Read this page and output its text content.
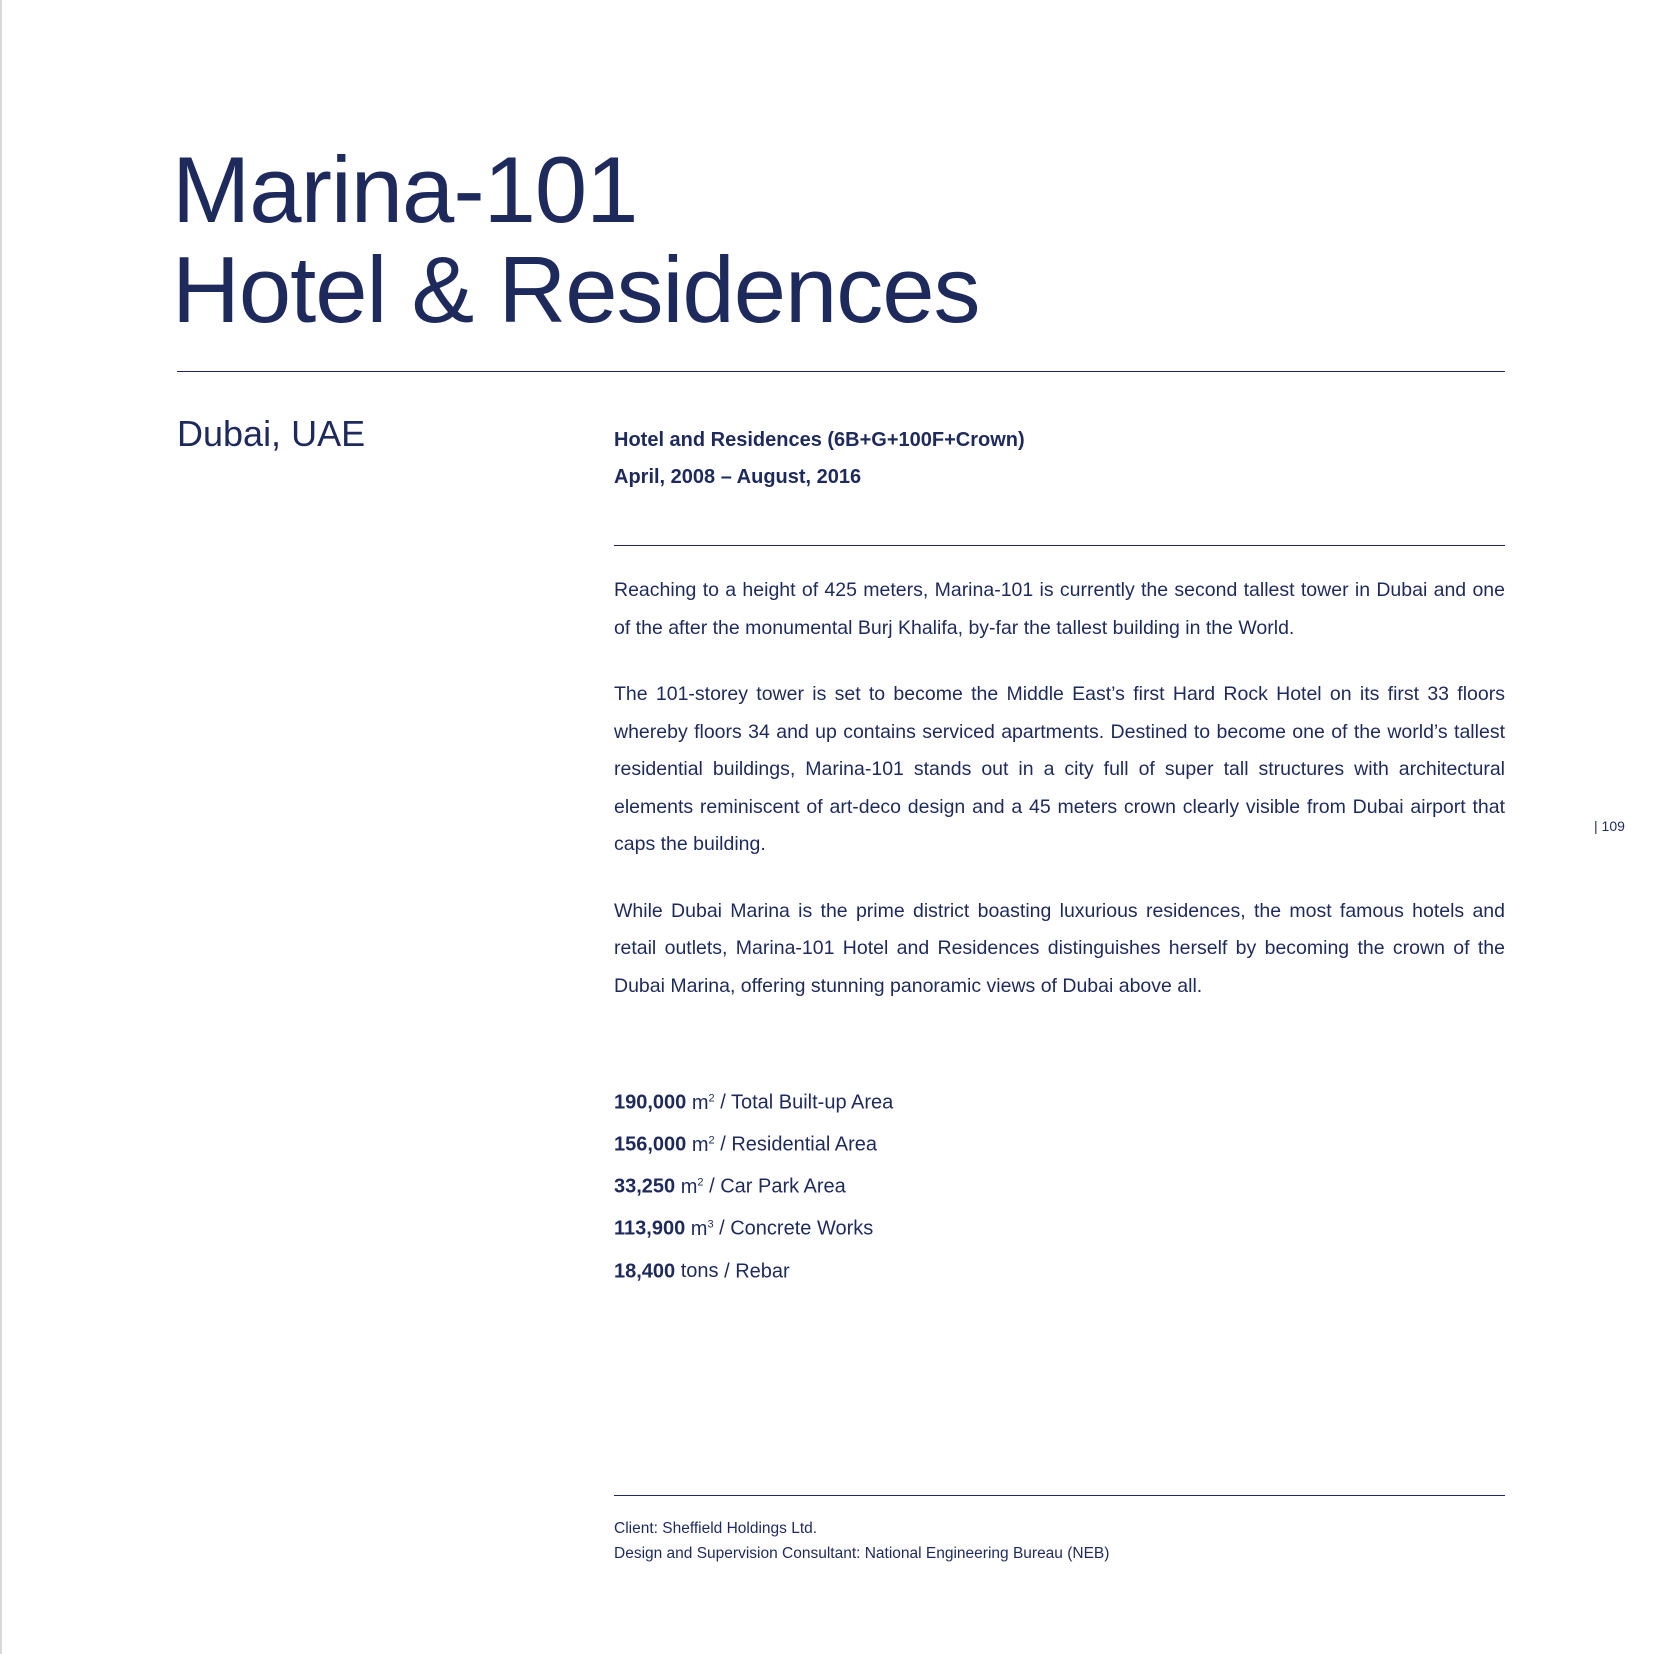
Marina-101
Hotel & Residences
Dubai, UAE	Hotel and Residences (6B+G+100F+Crown)
April, 2008 – August, 2016

Reaching to a height of 425 meters, Marina-101 is currently the second tallest tower in Dubai and one of the after the monumental Burj Khalifa, by-far the tallest building in the World.

The 101-storey tower is set to become the Middle East’s first Hard Rock Hotel on its first 33 floors whereby floors 34 and up contains serviced apartments. Destined to become one of the world’s tallest residential buildings, Marina-101 stands out in a city full of super tall structures with architectural elements reminiscent of art-deco design and a 45 meters crown clearly visible from Dubai airport that caps the building.

While Dubai Marina is the prime district boasting luxurious residences, the most famous hotels and retail outlets, Marina-101 Hotel and Residences distinguishes herself by becoming the crown of the Dubai Marina, offering stunning panoramic views of Dubai above all.

190,000 $m^2$ / Total Built-up Area
156,000 $m^2$ / Residential Area
33,250 $m^2$ / Car Park Area
113,900 $m^3$ / Concrete Works
18,400 tons / Rebar
Client: Sheffield Holdings Ltd.
Design and Supervision Consultant: National Engineering Bureau (NEB)
| 109
